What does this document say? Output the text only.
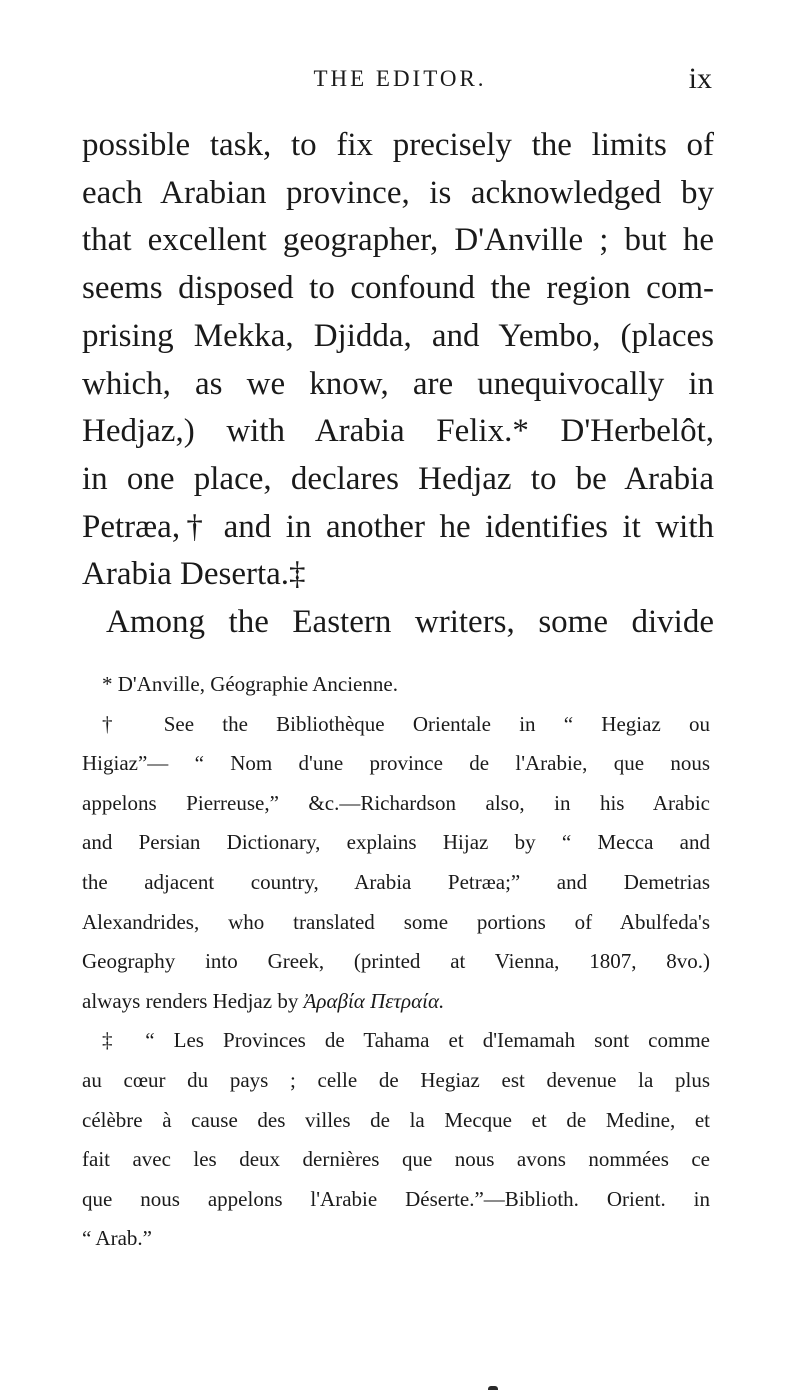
THE EDITOR.	ix
possible task, to fix precisely the limits of
each Arabian province, is acknowledged by
that excellent geographer, D'Anville ; but he
seems disposed to confound the region com-
prising Mekka, Djidda, and Yembo, (places
which, as we know, are unequivocally in
Hedjaz,) with Arabia Felix.* D'Herbelôt,
in one place, declares Hedjaz to be Arabia
Petræa,† and in another he identifies it with
Arabia Deserta.‡
Among the Eastern writers, some divide
* D'Anville, Géographie Ancienne.
† See the Bibliothèque Orientale in “ Hegiaz ou
Higiaz”— “ Nom d'une province de l'Arabie, que nous
appelons Pierreuse,” &c.—Richardson also, in his Arabic
and Persian Dictionary, explains Hijaz by “ Mecca and
the adjacent country, Arabia Petræa;” and Demetrias
Alexandrides, who translated some portions of Abulfeda's
Geography into Greek, (printed at Vienna, 1807, 8vo.)
always renders Hedjaz by Ἀραβία Πετραία.
‡ “ Les Provinces de Tahama et d'Iemamah sont comme
au cœur du pays ; celle de Hegiaz est devenue la plus
célèbre à cause des villes de la Mecque et de Medine, et
fait avec les deux dernières que nous avons nommées ce
que nous appelons l'Arabie Déserte.”—Biblioth. Orient. in
“ Arab.”
